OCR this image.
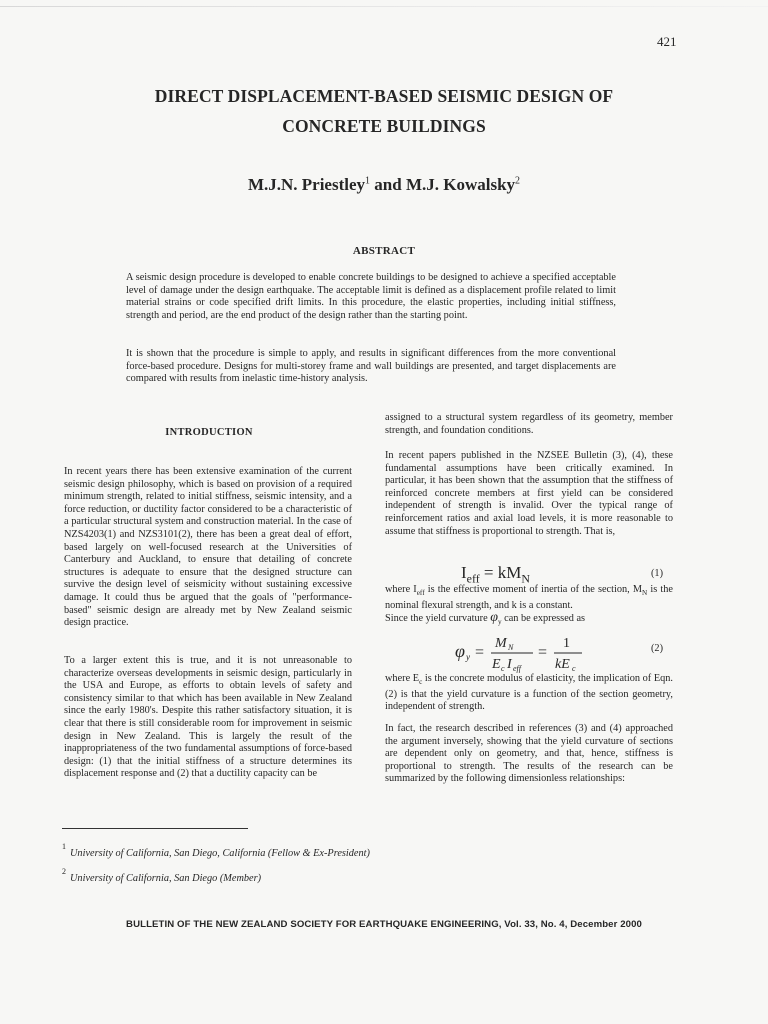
421
DIRECT DISPLACEMENT-BASED SEISMIC DESIGN OF
CONCRETE BUILDINGS
M.J.N. Priestley$^1$ and M.J. Kowalsky$^2$
ABSTRACT

A seismic design procedure is developed to enable concrete buildings to be designed to achieve a specified acceptable level of damage under the design earthquake. The acceptable limit is defined as a displacement profile related to limit material strains or code specified drift limits. In this procedure, the elastic properties, including initial stiffness, strength and period, are the end product of the design rather than the starting point.

It is shown that the procedure is simple to apply, and results in significant differences from the more conventional force-based procedure. Designs for multi-storey frame and wall buildings are presented, and target displacements are compared with results from inelastic time-history analysis.

INTRODUCTION

In recent years there has been extensive examination of the current seismic design philosophy, which is based on provision of a required minimum strength, related to initial stiffness, seismic intensity, and a force reduction, or ductility factor considered to be a characteristic of a particular structural system and construction material. In the case of NZS4203(1) and NZS3101(2), there has been a great deal of effort, based largely on well-focused research at the Universities of Canterbury and Auckland, to ensure that detailing of concrete structures is adequate to ensure that the designed structure can survive the design level of seismicity without sustaining excessive damage. It could thus be argued that the goals of "performance-based" seismic design are already met by New Zealand seismic design practice.

To a larger extent this is true, and it is not unreasonable to characterize overseas developments in seismic design, particularly in the USA and Europe, as efforts to obtain levels of safety and consistency similar to that which has been available in New Zealand since the early 1980's. Despite this rather satisfactory situation, it is clear that there is still considerable room for improvement in seismic design in New Zealand. This is largely the result of the inappropriateness of the two fundamental assumptions of force-based design: (1) that the initial stiffness of a structure determines its displacement response and (2) that a ductility capacity can be

assigned to a structural system regardless of its geometry, member strength, and foundation conditions.

In recent papers published in the NZSEE Bulletin (3), (4), these fundamental assumptions have been critically examined. In particular, it has been shown that the assumption that the stiffness of reinforced concrete members at first yield can be considered independent of strength is invalid. Over the typical range of reinforcement ratios and axial load levels, it is more reasonable to assume that stiffness is proportional to strength. That is,

$I_{eff} = kM_N$	(1)

where $I_{eff}$ is the effective moment of inertia of the section, $M_N$ is the nominal flexural strength, and k is a constant.

Since the yield curvature $\varphi_y$ can be expressed as

φ y =
M N
E c I eff
=
1
kE c
(2)

where $E_c$ is the concrete modulus of elasticity, the implication of Eqn. (2) is that the yield curvature is a function of the section geometry, independent of strength.

In fact, the research described in references (3) and (4) approached the argument inversely, showing that the yield curvature of sections are dependent only on geometry, and that, hence, stiffness is proportional to strength. The results of the research can be summarized by the following dimensionless relationships:

$^1$University of California, San Diego, California (Fellow & Ex-President)
$^2$University of California, San Diego (Member)
BULLETIN OF THE NEW ZEALAND SOCIETY FOR EARTHQUAKE ENGINEERING, Vol. 33, No. 4, December 2000
